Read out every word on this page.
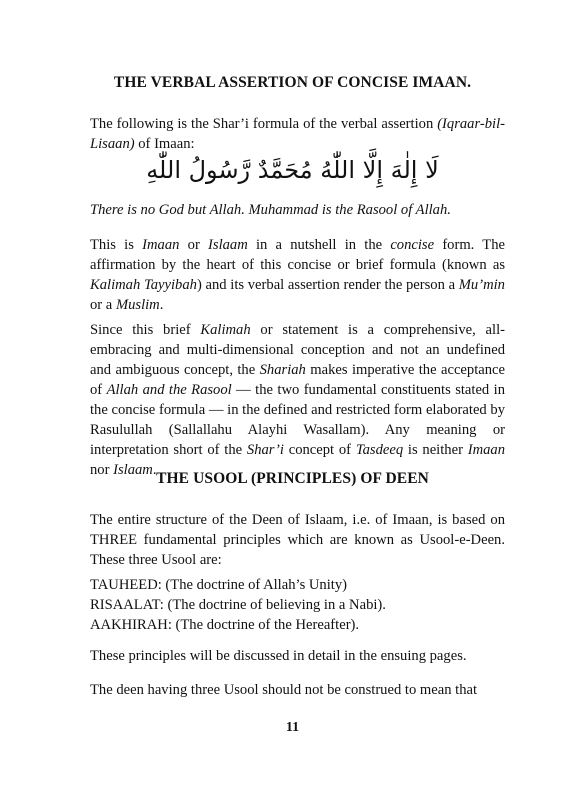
THE VERBAL ASSERTION OF CONCISE IMAAN.

The following is the Shar’i formula of the verbal assertion (Iqraar-bil-Lisaan) of Imaan:

لَا إِلٰهَ إِلَّا اللّٰهُ مُحَمَّدٌ رَّسُولُ اللّٰهِ

There is no God but Allah. Muhammad is the Rasool of Allah.

This is Imaan or Islaam in a nutshell in the concise form. The affirmation by the heart of this concise or brief formula (known as Kalimah Tayyibah) and its verbal assertion render the person a Mu’min or a Muslim.

Since this brief Kalimah or statement is a comprehensive, all-embracing and multi-dimensional conception and not an undefined and ambiguous concept, the Shariah makes imperative the acceptance of Allah and the Rasool — the two fundamental constituents stated in the concise formula — in the defined and restricted form elaborated by Rasulullah (Sallallahu Alayhi Wasallam). Any meaning or interpretation short of the Shar’i concept of Tasdeeq is neither Imaan nor Islaam. THE USOOL (PRINCIPLES) OF DEEN

The entire structure of the Deen of Islaam, i.e. of Imaan, is based on THREE fundamental principles which are known as Usool-e-Deen. These three Usool are:

TAUHEED: (The doctrine of Allah’s Unity)
RISAALAT: (The doctrine of believing in a Nabi).
AAKHIRAH: (The doctrine of the Hereafter).

These principles will be discussed in detail in the ensuing pages.

The deen having three Usool should not be construed to mean that

11
